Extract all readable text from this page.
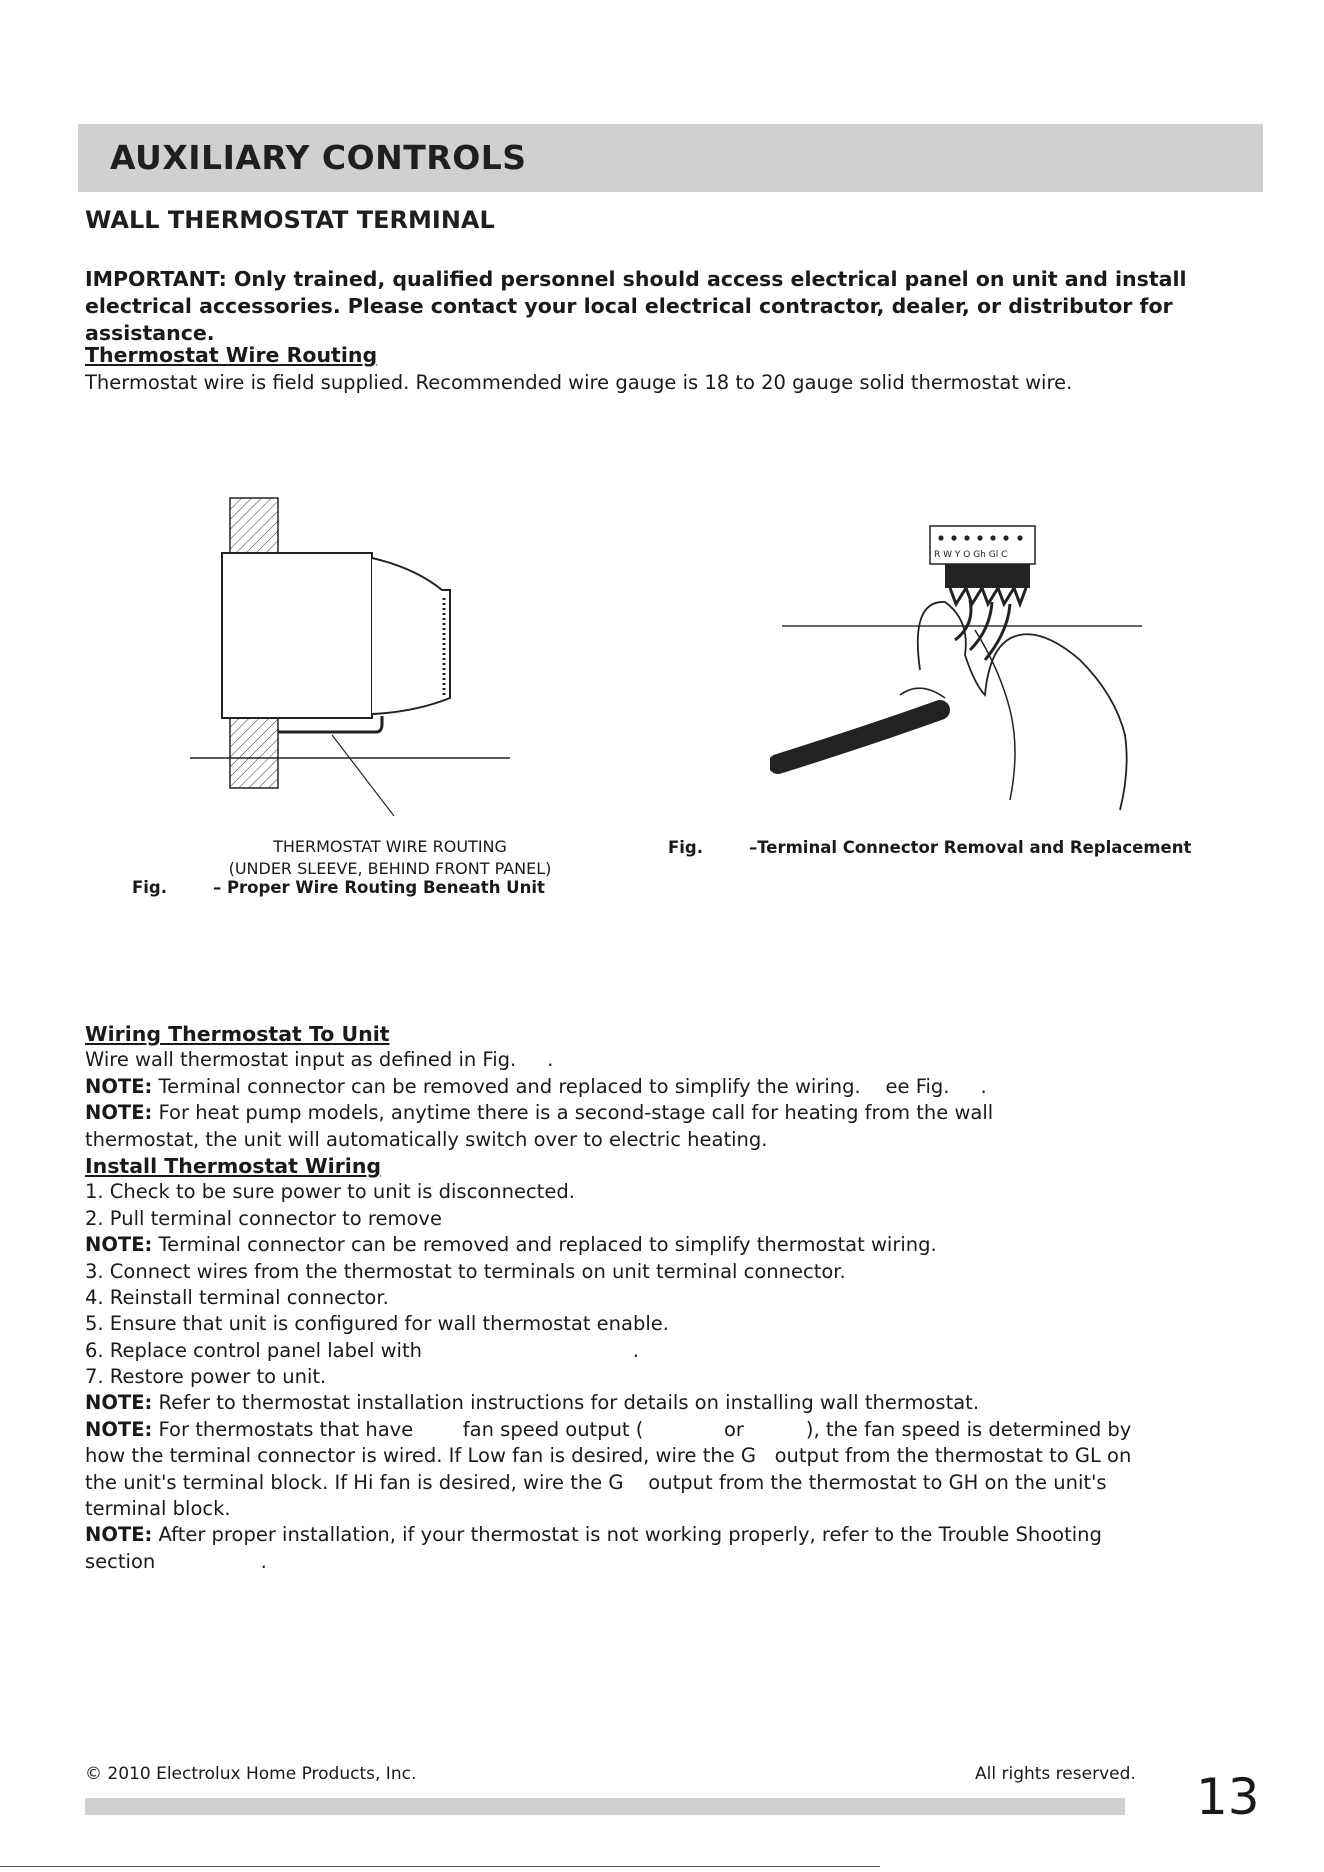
AUXILIARY CONTROLS
WALL THERMOSTAT TERMINAL

IMPORTANT: Only trained, qualified personnel should access electrical panel on unit and install electrical accessories. Please contact your local electrical contractor, dealer, or distributor for assistance.

Thermostat Wire Routing

Thermostat wire is field supplied. Recommended wire gauge is 18 to 20 gauge solid thermostat wire.

THERMOSTAT WIRE ROUTING

(UNDER SLEEVE, BEHIND FRONT PANEL)

Fig.        – Proper Wire Routing Beneath Unit

R W Y O Gh Gl C

Fig.        –Terminal Connector Removal and Replacement

Wiring Thermostat To Unit
Wire wall thermostat input as defined in Fig.     .
NOTE: Terminal connector can be removed and replaced to simplify the wiring.    ee Fig.     .
NOTE: For heat pump models, anytime there is a second-stage call for heating from the wall
thermostat, the unit will automatically switch over to electric heating.
Install Thermostat Wiring
1. Check to be sure power to unit is disconnected.
2. Pull terminal connector to remove
NOTE: Terminal connector can be removed and replaced to simplify thermostat wiring.
3. Connect wires from the thermostat to terminals on unit terminal connector.
4. Reinstall terminal connector.
5. Ensure that unit is configured for wall thermostat enable.
6. Replace control panel label with                                  .
7. Restore power to unit.
NOTE: Refer to thermostat installation instructions for details on installing wall thermostat.
NOTE: For thermostats that have        fan speed output (             or          ), the fan speed is determined by
how the terminal connector is wired. If Low fan is desired, wire the G   output from the thermostat to GL on
the unit's terminal block. If Hi fan is desired, wire the G    output from the thermostat to GH on the unit's
terminal block.
NOTE: After proper installation, if your thermostat is not working properly, refer to the Trouble Shooting
section                 .

© 2010 Electrolux Home Products, Inc.	All rights reserved. 13
